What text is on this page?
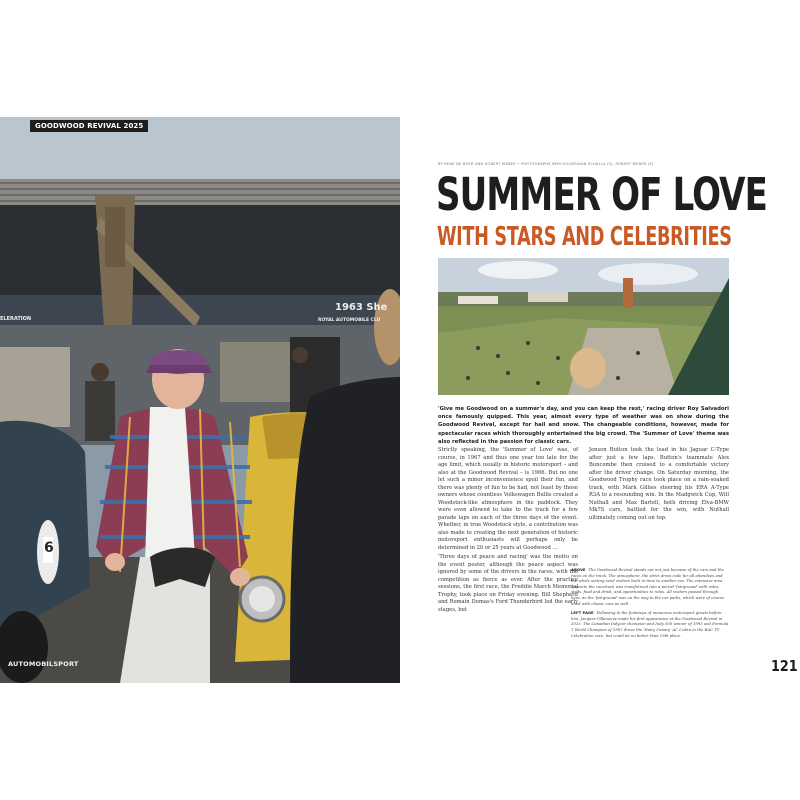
GOODWOOD REVIVAL 2025
1963 She
ROYAL AUTOMOBILE CLU
ELERATION
6
AUTOMOBILSPORT
BY RENÉ DE BOER AND ROBERT WEBER • PHOTOGRAPHS IMMI GOUDRIAAN SCHALLA (S), ROBERT WEBER (E)
SUMMER OF LOVE
WITH STARS AND CELEBRITIES

'Give me Goodwood on a summer's day, and you can keep the rest,' racing driver Roy Salvadori once famously quipped. This year, almost every type of weather was on show during the Goodwood Revival, except for hail and snow. The changeable conditions, however, made for spectacular races which thoroughly entertained the big crowd. The 'Summer of Love' theme was also reflected in the passion for classic cars.

Strictly speaking, the 'Summer of Love' was, of course, in 1967 and thus one year too late for the age limit, which usually in historic motorsport – and also at the Goodwood Revival – is 1966. But no one let such a minor inconvenience spoil their fun, and there was plenty of fun to be had, not least by those owners whose countless Volkswagen Bullis created a Woodstock-like atmosphere in the paddock. They were even allowed to take to the track for a few parade laps on each of the three days of the event. Whether, in true Woodstock style, a contribution was also made to creating the next generation of historic motorsport enthusiasts will perhaps only be determined in 20 or 25 years at Goodwood ...

'Three days of peace and racing' was the motto on the event poster, although the peace aspect was ignored by some of the drivers in the races, with the competition as fierce as ever. After the practice sessions, the first race, the Freddie March Memorial Trophy, took place on Friday evening. Bill Shepherd and Romain Dumas's Ford Thunderbird led the early stages, but

Jenson Button took the lead in his Jaguar C-Type after just a few laps. Button's teammate Alex Buncombe then cruised to a comfortable victory after the driver change. On Saturday morning, the Goodwood Trophy race took place on a rain-soaked track, with Mark Gillies steering his ERA A-Type R3A to a resounding win. In the Madgwick Cup, Will Nuthall and Max Bartell, both driving Elva-BMW Mk7S cars, battled for the win, with Nuthall ultimately coming out on top.

ABOVE The Goodwood Revival stands out not just because of the cars and the races on the track. The atmosphere, the strict dress code for all attendees and the whole setting send visitors back in time to another era. The extensive area opposite the racetrack was transformed into a period 'fairground' with rides, stalls, food and drink, and opportunities to relax. All visitors passed through here, as the 'fairground' was on the way to the car parks, which were of course lined with classic cars as well.

LEFT PAGE Following in the footsteps of numerous motorsport greats before him, Jacques Villeneuve made his first appearance at the Goodwood Revival in 2025. The Canadian Indycar champion and Indy 500 winner of 1995 and Formula 1 World Champion of 1997 drove the 'Hairy Canary' AC Cobra in the RAC TT Celebration race, but could do no better than 19th place.

121
